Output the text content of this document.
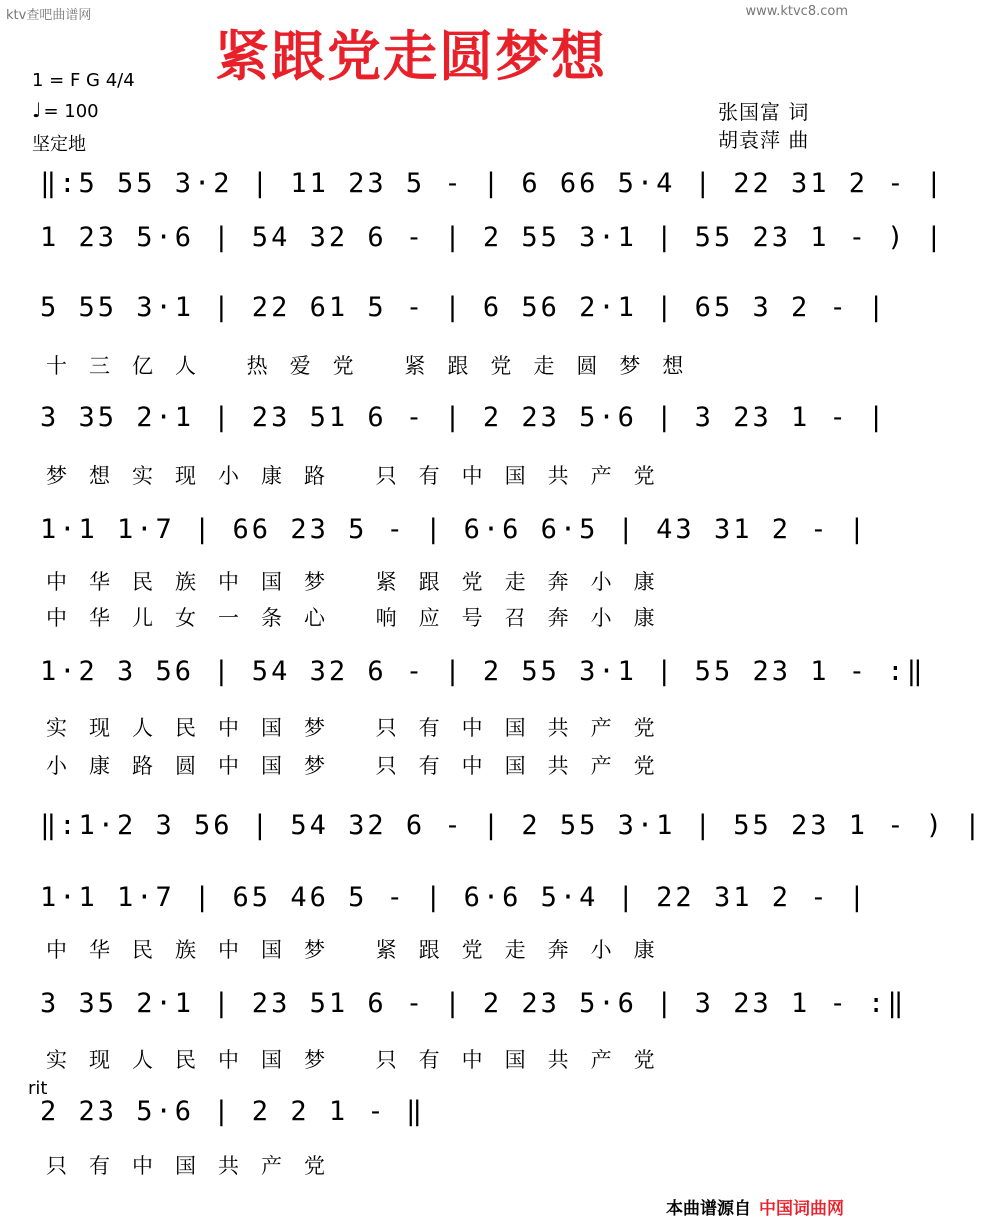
ktv查吧曲谱网	www.ktvc8.com
紧跟党走圆梦想
1 = F G 4/4
♩ = 100
坚定地
张国富 词
胡袁萍 曲

‖:5 55 3·2 | 11 23 5 - | 6 66 5·4 | 22 31 2 - |

1 23 5·6 | 54 32 6 - | 2 55 3·1 | 55 23 1 - ) |

5 55 3·1 | 22 61 5 - | 6 56 2·1 | 65 3 2 - |

十三亿人 热爱党 紧跟党走圆梦想

3 35 2·1 | 23 51 6 - | 2 23 5·6 | 3 23 1 - |

梦想实现小康路 只有中国共产党

1·1 1·7 | 66 23 5 - | 6·6 6·5 | 43 31 2 - |

中华民族中国梦 紧跟党走奔小康
中华儿女一条心 响应号召奔小康

1·2 3 56 | 54 32 6 - | 2 55 3·1 | 55 23 1 - :‖

实现人民中国梦 只有中国共产党
小康路圆中国梦 只有中国共产党

‖:1·2 3 56 | 54 32 6 - | 2 55 3·1 | 55 23 1 - ) |

1·1 1·7 | 65 46 5 - | 6·6 5·4 | 22 31 2 - |

中华民族中国梦 紧跟党走奔小康

3 35 2·1 | 23 51 6 - | 2 23 5·6 | 3 23 1 - :‖

实现人民中国梦 只有中国共产党
rit

2 23 5·6 | 2 2 1 - ‖

只有中国共产党
本曲谱源自 中国词曲网
